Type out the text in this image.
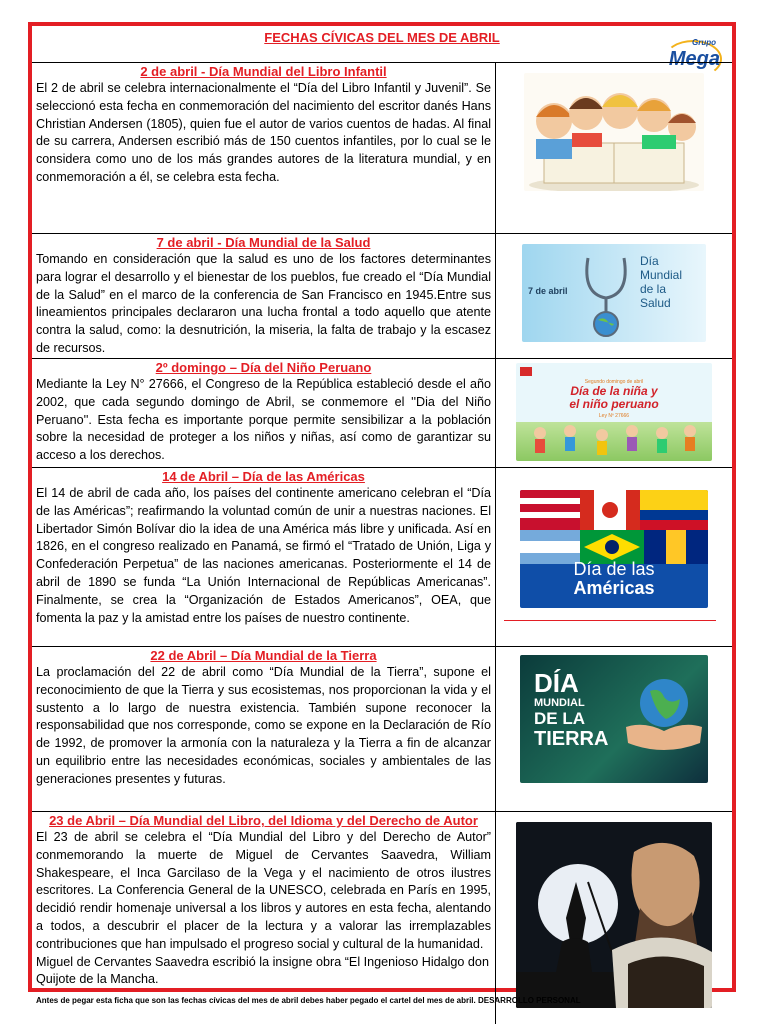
FECHAS CÍVICAS DEL MES DE ABRIL	Grupo
Mega
2 de abril - Día Mundial del Libro Infantil

El 2 de abril se celebra internacionalmente el “Día del Libro Infantil y Juvenil”. Se seleccionó esta fecha en conmemoración del nacimiento del escritor danés Hans Christian Andersen (1805), quien fue el autor de varios cuentos de hadas. Al final de su carrera, Andersen escribió más de 150 cuentos infantiles, por lo cual se le considera como uno de los más grandes autores de la literatura mundial, y en conmemoración a él, se celebra esta fecha.

7 de abril - Día Mundial de la Salud

Tomando en consideración que la salud es uno de los factores determinantes para lograr el desarrollo y el bienestar de los pueblos, fue creado el “Día Mundial de la Salud” en el marco de la conferencia de San Francisco en 1945.Entre sus lineamientos principales declararon una lucha frontal a todo aquello que atente contra la salud, como: la desnutrición, la miseria, la falta de trabajo y la escasez de recursos.

7 de abril
Día
Mundial
de la
Salud
2º domingo – Día del Niño Peruano

Mediante la Ley N° 27666, el Congreso de la República estableció desde el año 2002, que cada segundo domingo de Abril, se conmemore el ''Dia del Niño Peruano''. Esta fecha es importante porque permite sensibilizar a la población sobre la necesidad de proteger a los niños y niñas, así como de garantizar su acceso a los derechos.

Segundo domingo de abril
Día de la niña y
el niño peruano
Ley Nº 27666
14 de Abril – Día de las Américas

El 14 de abril de cada año, los países del continente americano celebran el “Día de las Américas”; reafirmando la voluntad común de unir a nuestras naciones. El Libertador Simón Bolívar dio la idea de una América más libre y unificada. Así en 1826, en el congreso realizado en Panamá, se firmó el “Tratado de Unión, Liga y Confederación Perpetua” de las naciones americanas. Posteriormente el 14 de abril de 1890 se funda “La Unión Internacional de Repúblicas Americanas”. Finalmente, se crea la “Organización de Estados Americanos”, OEA, que fomenta la paz y la amistad entre los países de nuestro continente.

Día de las
Américas
22 de Abril – Día Mundial de la Tierra

La proclamación del 22 de abril como “Día Mundial de la Tierra”, supone el reconocimiento de que la Tierra y sus ecosistemas, nos proporcionan la vida y el sustento a lo largo de nuestra existencia. También supone reconocer la responsabilidad que nos corresponde, como se expone en la Declaración de Río de 1992, de promover la armonía con la naturaleza y la Tierra a fin de alcanzar un equilibrio entre las necesidades económicas, sociales y ambientales de las generaciones presentes y futuras.

DÍA
MUNDIAL
DE LA
TIERRA
23 de Abril – Día Mundial del Libro, del Idioma y del Derecho de Autor

El 23 de abril se celebra el “Día Mundial del Libro y del Derecho de Autor” conmemorando la muerte de Miguel de Cervantes Saavedra, William Shakespeare, el Inca Garcilaso de la Vega y el nacimiento de otros ilustres escritores. La Conferencia General de la UNESCO, celebrada en París en 1995, decidió rendir homenaje universal a los libros y autores en esta fecha, alentando a todos, a descubrir el placer de la lectura y a valorar las irremplazables contribuciones que han impulsado el progreso social y cultural de la humanidad.

Miguel de Cervantes Saavedra escribió la insigne obra “El Ingenioso Hidalgo don Quijote de la Mancha.

Antes de pegar esta ficha que son las fechas cívicas del mes de abril debes haber pegado el cartel del mes de abril. DESARROLLO PERSONAL
